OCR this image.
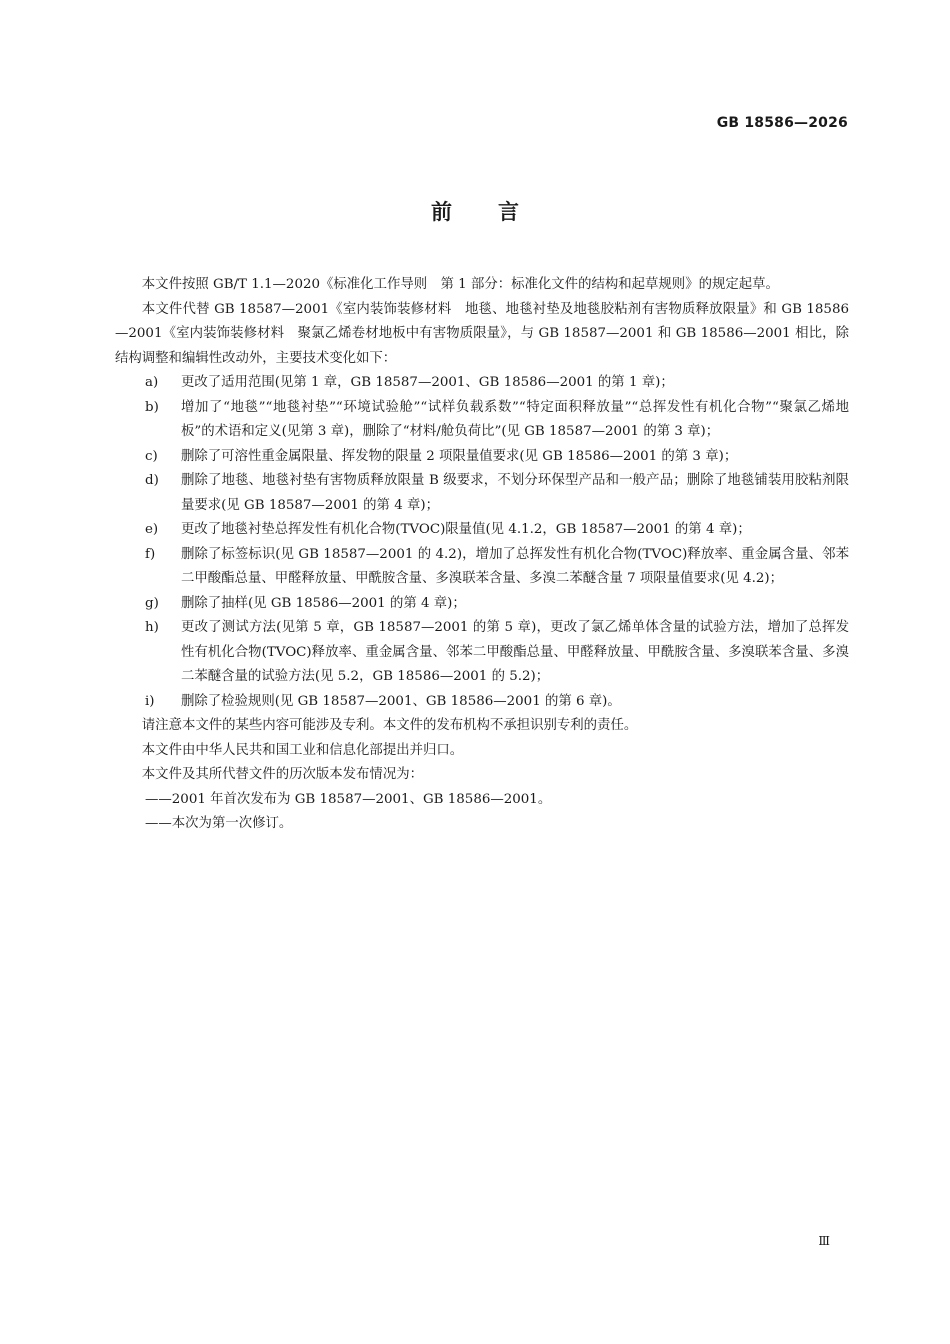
GB 18586—2026
前言

本文件按照 GB/T 1.1—2020《标准化工作导则　第 1 部分：标准化文件的结构和起草规则》的规定起草。

本文件代替 GB 18587—2001《室内装饰装修材料　地毯、地毯衬垫及地毯胶粘剂有害物质释放限量》和 GB 18586—2001《室内装饰装修材料　聚氯乙烯卷材地板中有害物质限量》，与 GB 18587—2001 和 GB 18586—2001 相比，除结构调整和编辑性改动外，主要技术变化如下：

a)	更改了适用范围(见第 1 章，GB 18587—2001、GB 18586—2001 的第 1 章)；
b)	增加了“地毯”“地毯衬垫”“环境试验舱”“试样负载系数”“特定面积释放量”“总挥发性有机化合物”“聚氯乙烯地板”的术语和定义(见第 3 章)，删除了“材料/舱负荷比”(见 GB 18587—2001 的第 3 章)；
c)	删除了可溶性重金属限量、挥发物的限量 2 项限量值要求(见 GB 18586—2001 的第 3 章)；
d)	删除了地毯、地毯衬垫有害物质释放限量 B 级要求，不划分环保型产品和一般产品；删除了地毯铺装用胶粘剂限量要求(见 GB 18587—2001 的第 4 章)；
e)	更改了地毯衬垫总挥发性有机化合物(TVOC)限量值(见 4.1.2，GB 18587—2001 的第 4 章)；
f)	删除了标签标识(见 GB 18587—2001 的 4.2)，增加了总挥发性有机化合物(TVOC)释放率、重金属含量、邻苯二甲酸酯总量、甲醛释放量、甲酰胺含量、多溴联苯含量、多溴二苯醚含量 7 项限量值要求(见 4.2)；
g)	删除了抽样(见 GB 18586—2001 的第 4 章)；
h)	更改了测试方法(见第 5 章，GB 18587—2001 的第 5 章)，更改了氯乙烯单体含量的试验方法，增加了总挥发性有机化合物(TVOC)释放率、重金属含量、邻苯二甲酸酯总量、甲醛释放量、甲酰胺含量、多溴联苯含量、多溴二苯醚含量的试验方法(见 5.2，GB 18586—2001 的 5.2)；
i)	删除了检验规则(见 GB 18587—2001、GB 18586—2001 的第 6 章)。

请注意本文件的某些内容可能涉及专利。本文件的发布机构不承担识别专利的责任。

本文件由中华人民共和国工业和信息化部提出并归口。

本文件及其所代替文件的历次版本发布情况为：

——2001 年首次发布为 GB 18587—2001、GB 18586—2001。

——本次为第一次修订。

Ⅲ
